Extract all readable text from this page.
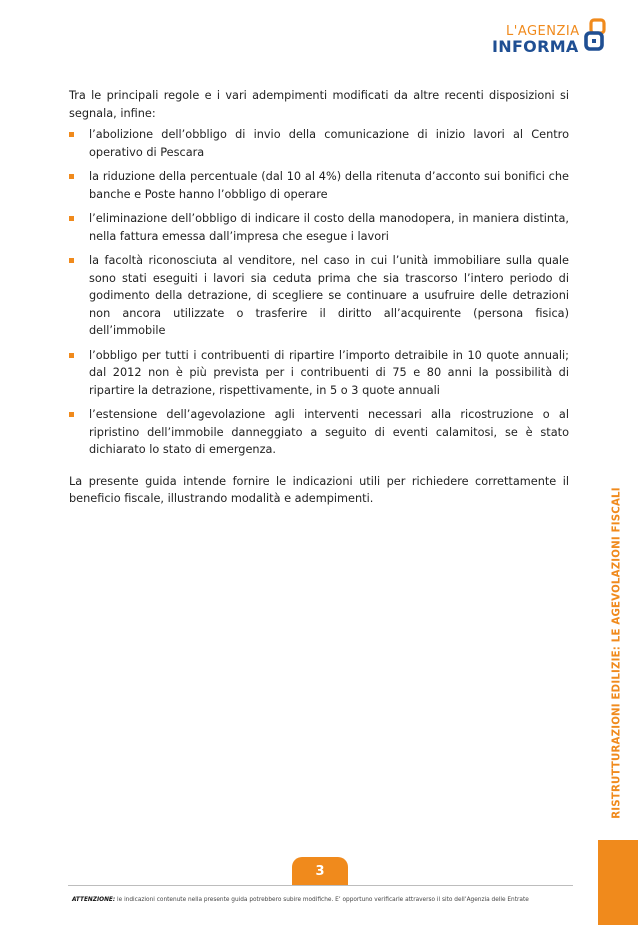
L'AGENZIA
INFORMA

Tra le principali regole e i vari adempimenti modificati da altre recenti disposizioni si segnala, infine:

l’abolizione dell’obbligo di invio della comunicazione di inizio lavori al Centro operativo di Pescara
la riduzione della percentuale (dal 10 al 4%) della ritenuta d’acconto sui bonifici che banche e Poste hanno l’obbligo di operare
l’eliminazione dell’obbligo di indicare il costo della manodopera, in maniera distinta, nella fattura emessa dall’impresa che esegue i lavori
la facoltà riconosciuta al venditore, nel caso in cui l’unità immobiliare sulla quale sono stati eseguiti i lavori sia ceduta prima che sia trascorso l’intero periodo di godimento della detrazione, di scegliere se continuare a usufruire delle detrazioni non ancora utilizzate o trasferire il diritto all’acquirente (persona fisica) dell’immobile
l’obbligo per tutti i contribuenti di ripartire l’importo detraibile in 10 quote annuali; dal 2012 non è più prevista per i contribuenti di 75 e 80 anni la possibilità di ripartire la detrazione, rispettivamente, in 5 o 3 quote annuali
l’estensione dell’agevolazione agli interventi necessari alla ricostruzione o al ripristino dell’immobile danneggiato a seguito di eventi calamitosi, se è stato dichiarato lo stato di emergenza.

La presente guida intende fornire le indicazioni utili per richiedere correttamente il beneficio fiscale, illustrando modalità e adempimenti.	RISTRUTTURAZIONI EDILIZIE: LE AGEVOLAZIONI FISCALI
3
ATTENZIONE: le indicazioni contenute nella presente guida potrebbero subire modifiche. E’ opportuno verificarle attraverso il sito dell’Agenzia delle Entrate
